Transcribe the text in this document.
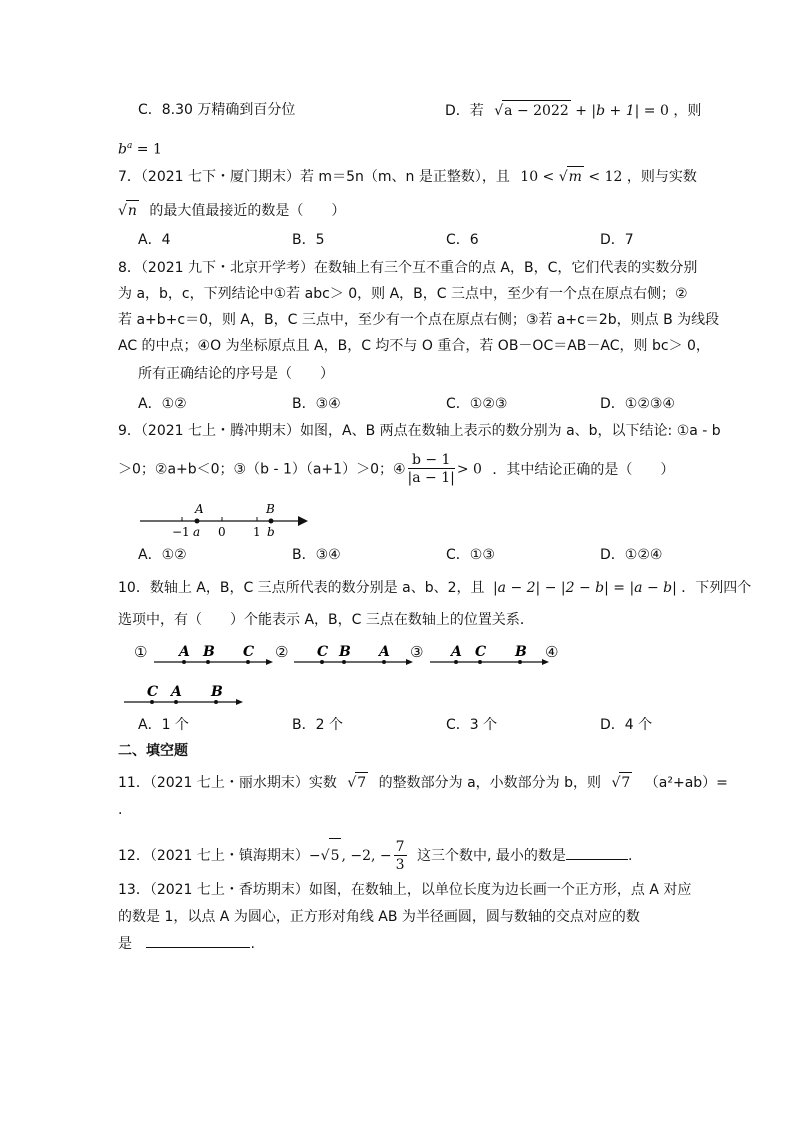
C．8.30 万精确到百分位	D．若 √a − 2022 + |b + 1| = 0 ，则
$b^a = 1$
7．（2021 七下・厦门期末）若 m＝5n（m、n 是正整数），且 10 < √m < 12 ，则与实数
√n 的最大值最接近的数是（　　）
A．4	B．5	C．6	D．7
8．（2021 九下・北京开学考）在数轴上有三个互不重合的点 A，B，C，它们代表的实数分别
为 a，b，c，下列结论中①若 abc＞ 0，则 A，B，C 三点中，至少有一个点在原点右侧；②
若 a+b+c＝0，则 A，B，C 三点中，至少有一个点在原点右侧；③若 a+c＝2b，则点 B 为线段
AC 的中点；④O 为坐标原点且 A，B，C 均不与 O 重合，若 OB－OC＝AB－AC，则 bc＞ 0，
所有正确结论的序号是（　　）
A．①②	B．③④	C．①②③	D．①②③④
9．（2021 七上・腾冲期末）如图，A、B 两点在数轴上表示的数分别为 a、b，以下结论: ①a - b
＞0；②a+b＜0；③（b - 1）（a+1）＞0；④ $\frac{b - 1}{|a - 1|} > 0$ ．其中结论正确的是（　　）
A	B
−1 a 0 1 b
A．①②	B．③④	C．①③	D．①②④
10．数轴上 A，B，C 三点所代表的数分别是 a、b、2，且 |a − 2| − |2 − b| = |a − b| ．下列四个
选项中，有（　　）个能表示 A，B，C 三点在数轴上的位置关系．
① A B C ② C B A ③ A C B ④
C A B
A．1 个	B．2 个	C．3 个	D．4 个
二、填空题
11．（2021 七上・丽水期末）实数 √7 的整数部分为 a，小数部分为 b，则 √7 （a²+ab）=
.
12．（2021 七上・镇海期末）−√5 , −2, − $\frac{7}{3}$ 这三个数中, 最小的数是	.
13．（2021 七上・香坊期末）如图，在数轴上，以单位长度为边长画一个正方形，点 A 对应
的数是 1，以点 A 为圆心，正方形对角线 AB 为半径画圆，圆与数轴的交点对应的数
是	.
